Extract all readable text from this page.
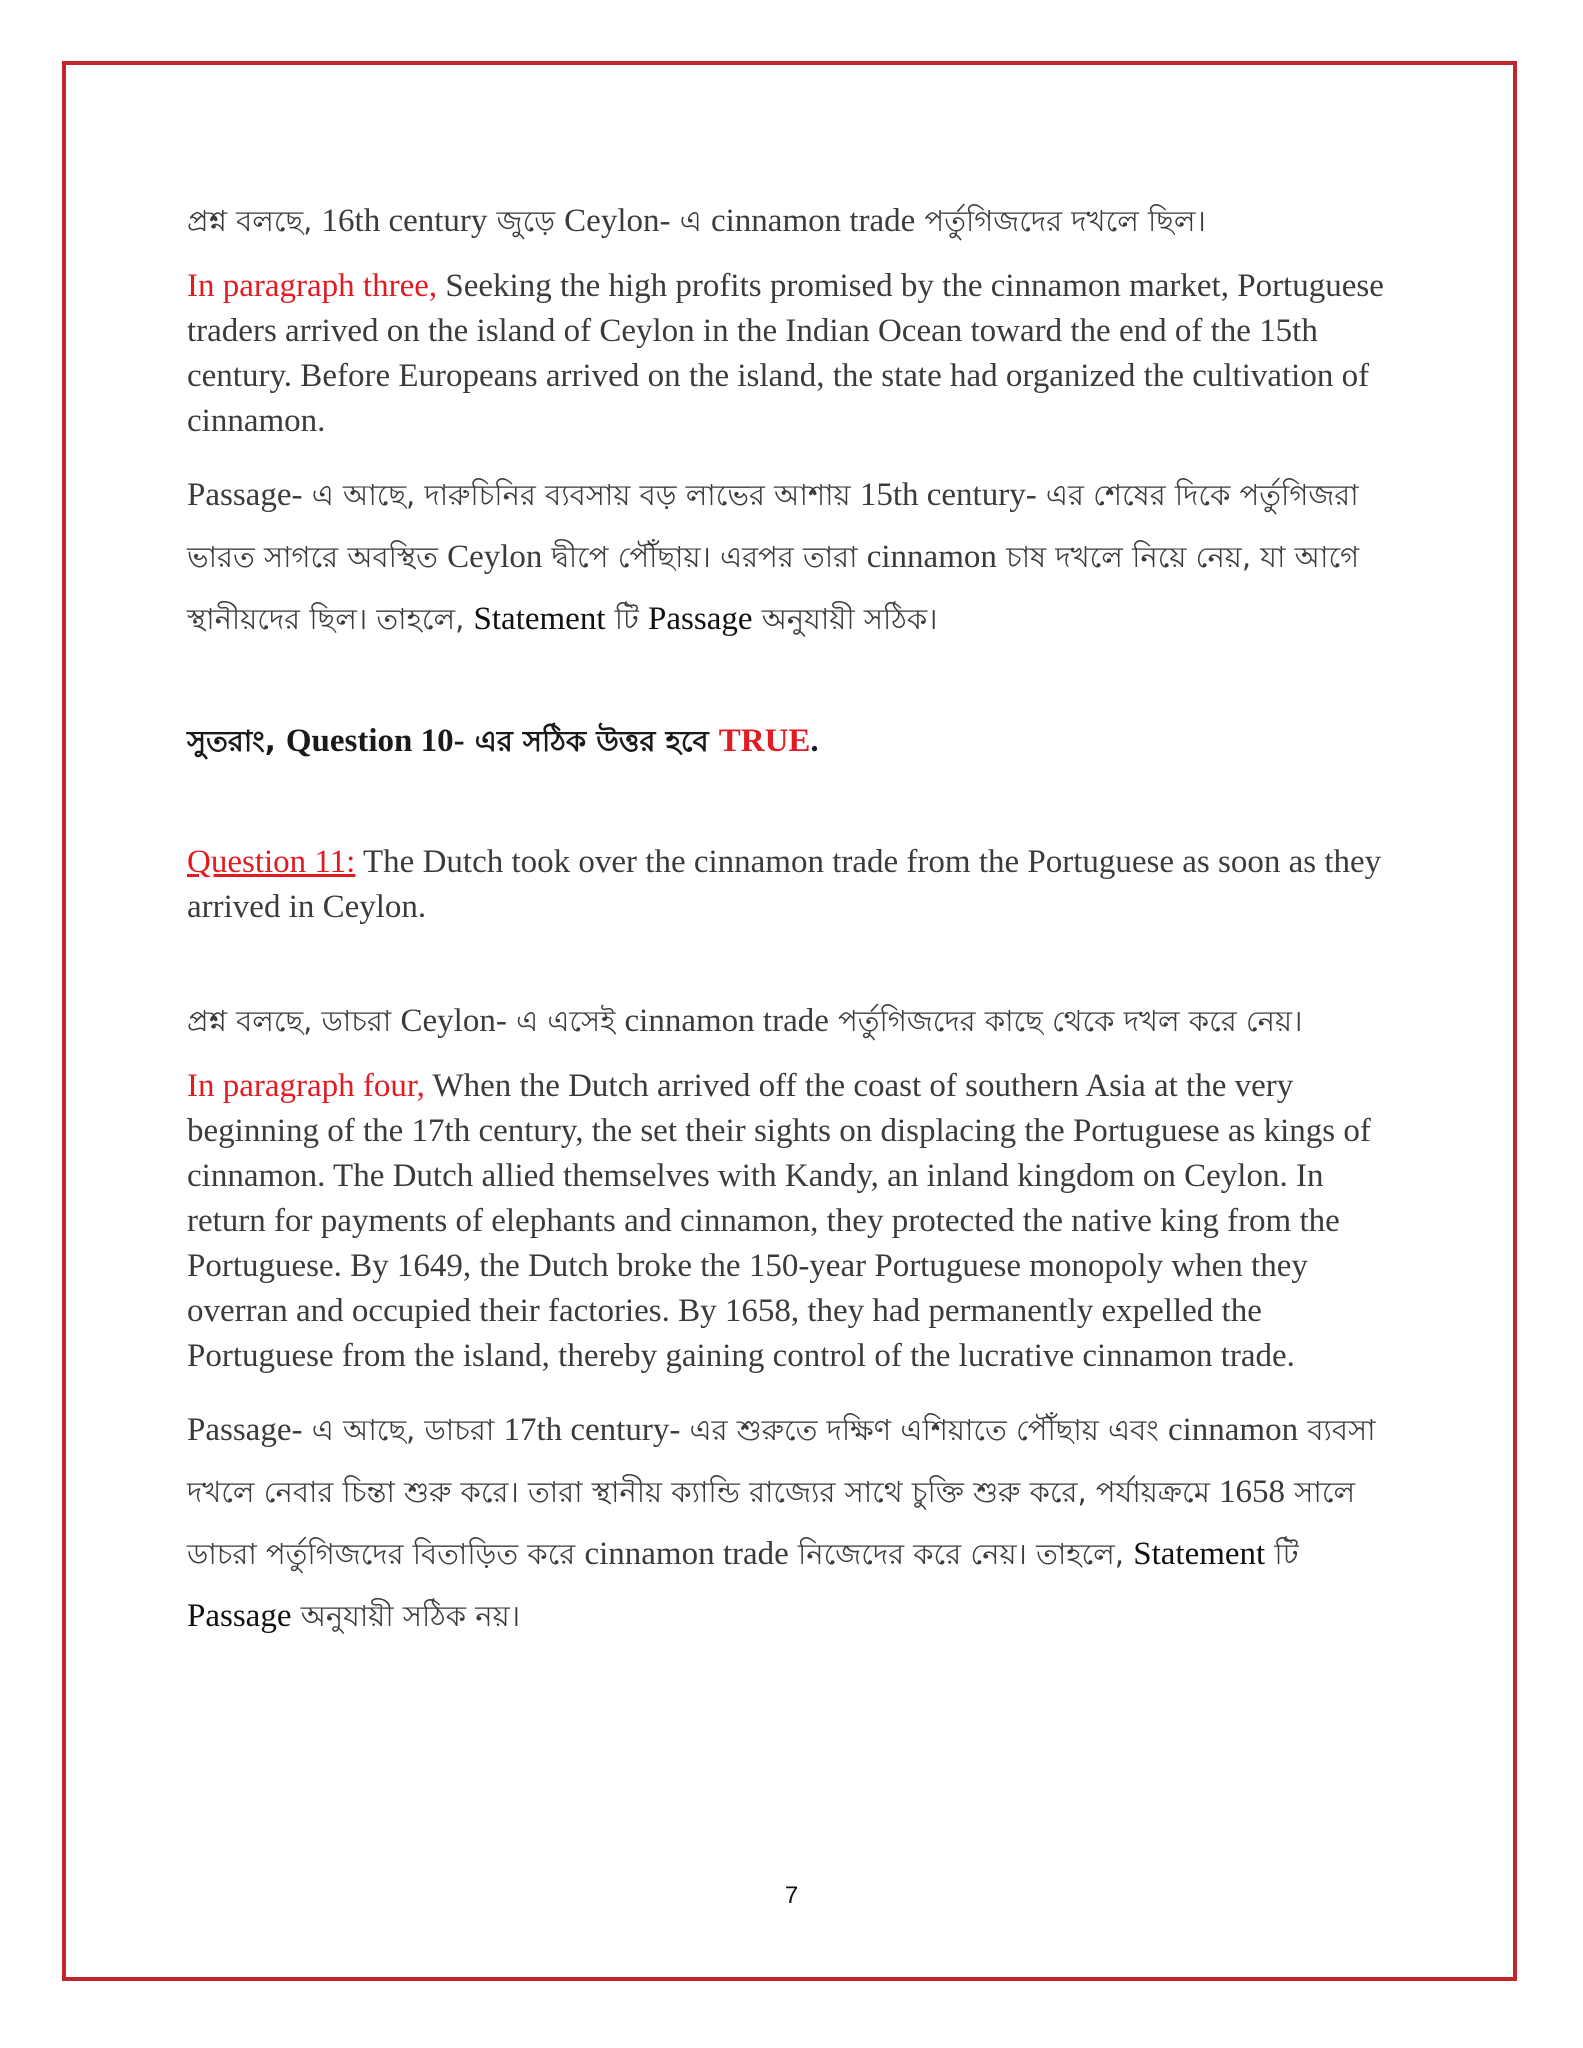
প্রশ্ন বলছে, 16th century জুড়ে Ceylon- এ cinnamon trade পর্তুগিজদের দখলে ছিল।

In paragraph three, Seeking the high profits promised by the cinnamon market, Portuguese traders arrived on the island of Ceylon in the Indian Ocean toward the end of the 15th century. Before Europeans arrived on the island, the state had organized the cultivation of cinnamon.

Passage- এ আছে, দারুচিনির ব্যবসায় বড় লাভের আশায় 15th century- এর শেষের দিকে পর্তুগিজরা ভারত সাগরে অবস্থিত Ceylon দ্বীপে পৌঁছায়। এরপর তারা cinnamon চাষ দখলে নিয়ে নেয়, যা আগে স্থানীয়দের ছিল। তাহলে, Statement টি Passage অনুযায়ী সঠিক।

সুতরাং, Question 10- এর সঠিক উত্তর হবে TRUE.

Question 11: The Dutch took over the cinnamon trade from the Portuguese as soon as they arrived in Ceylon.

প্রশ্ন বলছে, ডাচরা Ceylon- এ এসেই cinnamon trade পর্তুগিজদের কাছে থেকে দখল করে নেয়।

In paragraph four, When the Dutch arrived off the coast of southern Asia at the very beginning of the 17th century, the set their sights on displacing the Portuguese as kings of cinnamon. The Dutch allied themselves with Kandy, an inland kingdom on Ceylon. In return for payments of elephants and cinnamon, they protected the native king from the Portuguese. By 1649, the Dutch broke the 150-year Portuguese monopoly when they overran and occupied their factories. By 1658, they had permanently expelled the Portuguese from the island, thereby gaining control of the lucrative cinnamon trade.

Passage- এ আছে, ডাচরা 17th century- এর শুরুতে দক্ষিণ এশিয়াতে পৌঁছায় এবং cinnamon ব্যবসা দখলে নেবার চিন্তা শুরু করে। তারা স্থানীয় ক্যান্ডি রাজ্যের সাথে চুক্তি শুরু করে, পর্যায়ক্রমে 1658 সালে ডাচরা পর্তুগিজদের বিতাড়িত করে cinnamon trade নিজেদের করে নেয়। তাহলে, Statement টি Passage অনুযায়ী সঠিক নয়।

7
